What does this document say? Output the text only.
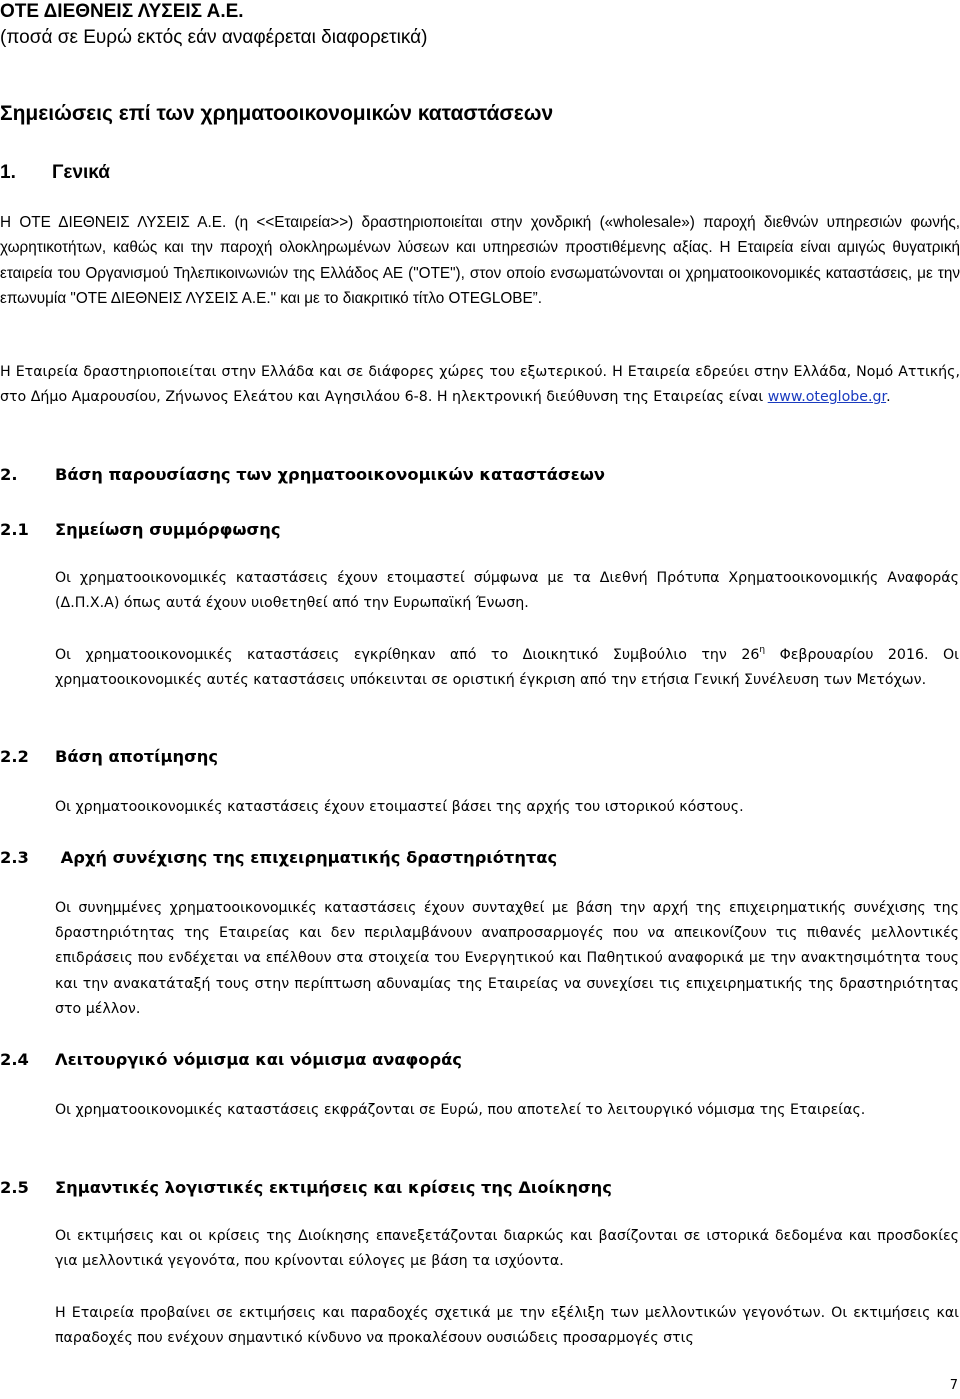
ΟΤΕ ΔΙΕΘΝΕΙΣ ΛΥΣΕΙΣ Α.Ε.
(ποσά σε Ευρώ εκτός εάν αναφέρεται διαφορετικά)
Σημειώσεις επί των χρηματοοικονομικών καταστάσεων
1. Γενικά
Η ΟΤΕ ΔΙΕΘΝΕΙΣ ΛΥΣΕΙΣ Α.Ε. (η <<Εταιρεία>>) δραστηριοποιείται στην χονδρική («wholesale») παροχή διεθνών υπηρεσιών φωνής, χωρητικοτήτων, καθώς και την παροχή ολοκληρωμένων λύσεων και υπηρεσιών προστιθέμενης αξίας. Η Εταιρεία είναι αμιγώς θυγατρική εταιρεία του Οργανισμού Τηλεπικοινωνιών της Ελλάδος ΑΕ ("ΟΤΕ"), στον οποίο ενσωματώνονται οι χρηματοοικονομικές καταστάσεις, με την επωνυμία "ΟΤΕ ΔΙΕΘΝΕΙΣ ΛΥΣΕΙΣ Α.Ε." και με το διακριτικό τίτλο ΟΤEGLOBE”.
Η Εταιρεία δραστηριοποιείται στην Ελλάδα και σε διάφορες χώρες του εξωτερικού. Η Εταιρεία εδρεύει στην Ελλάδα, Νομό Αττικής, στο Δήμο Αμαρουσίου, Ζήνωνος Ελεάτου και Αγησιλάου 6-8. Η ηλεκτρονική διεύθυνση της Εταιρείας είναι www.oteglobe.gr.
2. Βάση παρουσίασης των χρηματοοικονομικών καταστάσεων
2.1 Σημείωση συμμόρφωσης
Οι χρηματοοικονομικές καταστάσεις έχουν ετοιμαστεί σύμφωνα με τα Διεθνή Πρότυπα Χρηματοοικονομικής Αναφοράς (Δ.Π.Χ.Α) όπως αυτά έχουν υιοθετηθεί από την Ευρωπαϊκή Ένωση.
Οι χρηματοοικονομικές καταστάσεις εγκρίθηκαν από το Διοικητικό Συμβούλιο την $26^\eta$ Φεβρουαρίου 2016. Οι χρηματοοικονομικές αυτές καταστάσεις υπόκεινται σε οριστική έγκριση από την ετήσια Γενική Συνέλευση των Μετόχων.
2.2 Βάση αποτίμησης
Οι χρηματοοικονομικές καταστάσεις έχουν ετοιμαστεί βάσει της αρχής του ιστορικού κόστους.
2.3 Αρχή συνέχισης της επιχειρηματικής δραστηριότητας
Οι συνημμένες χρηματοοικονομικές καταστάσεις έχουν συνταχθεί με βάση την αρχή της επιχειρηματικής συνέχισης της δραστηριότητας της Εταιρείας και δεν περιλαμβάνουν αναπροσαρμογές που να απεικονίζουν τις πιθανές μελλοντικές επιδράσεις που ενδέχεται να επέλθουν στα στοιχεία του Ενεργητικού και Παθητικού αναφορικά με την ανακτησιμότητα τους και την ανακατάταξή τους στην περίπτωση αδυναμίας της Εταιρείας να συνεχίσει τις επιχειρηματικής της δραστηριότητας στο μέλλον.
2.4 Λειτουργικό νόμισμα και νόμισμα αναφοράς
Οι χρηματοοικονομικές καταστάσεις εκφράζονται σε Ευρώ, που αποτελεί το λειτουργικό νόμισμα της Εταιρείας.
2.5 Σημαντικές λογιστικές εκτιμήσεις και κρίσεις της Διοίκησης
Οι εκτιμήσεις και οι κρίσεις της Διοίκησης επανεξετάζονται διαρκώς και βασίζονται σε ιστορικά δεδομένα και προσδοκίες για μελλοντικά γεγονότα, που κρίνονται εύλογες με βάση τα ισχύοντα.
Η Εταιρεία προβαίνει σε εκτιμήσεις και παραδοχές σχετικά με την εξέλιξη των μελλοντικών γεγονότων. Οι εκτιμήσεις και παραδοχές που ενέχουν σημαντικό κίνδυνο να προκαλέσουν ουσιώδεις προσαρμογές στις
7
